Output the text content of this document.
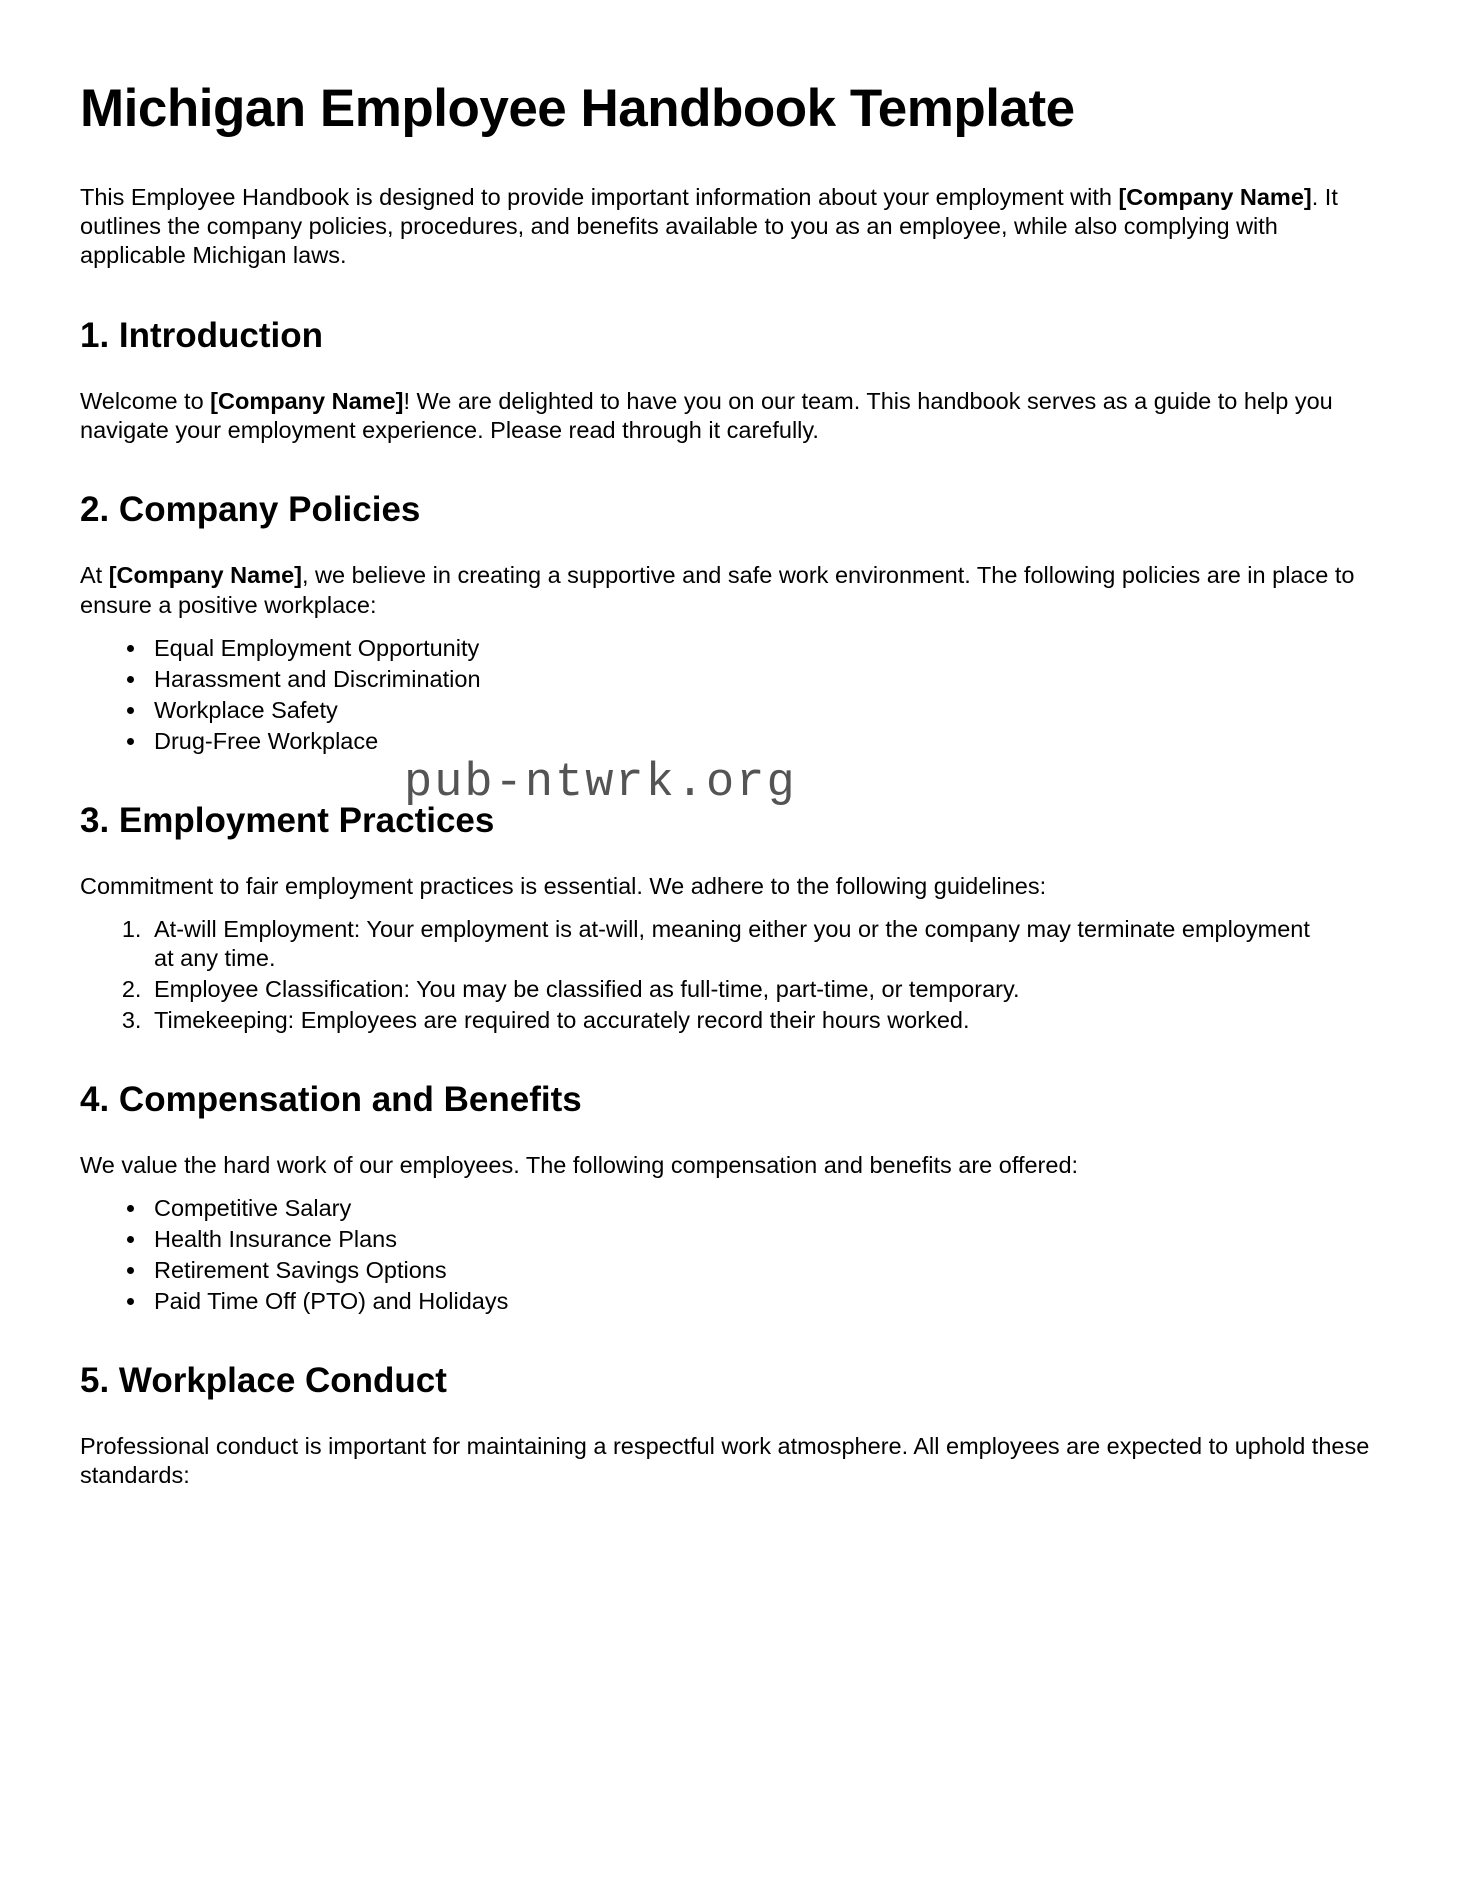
pub-ntwrk.org
Michigan Employee Handbook Template

This Employee Handbook is designed to provide important information about your employment with [Company Name]. It outlines the company policies, procedures, and benefits available to you as an employee, while also complying with applicable Michigan laws.

1. Introduction

Welcome to [Company Name]! We are delighted to have you on our team. This handbook serves as a guide to help you navigate your employment experience. Please read through it carefully.

2. Company Policies

At [Company Name], we believe in creating a supportive and safe work environment. The following policies are in place to ensure a positive workplace:

• Equal Employment Opportunity
• Harassment and Discrimination
• Workplace Safety
• Drug-Free Workplace
3. Employment Practices

Commitment to fair employment practices is essential. We adhere to the following guidelines:

1. At-will Employment: Your employment is at-will, meaning either you or the company may terminate employment at any time.
2. Employee Classification: You may be classified as full-time, part-time, or temporary.
3. Timekeeping: Employees are required to accurately record their hours worked.
4. Compensation and Benefits

We value the hard work of our employees. The following compensation and benefits are offered:

• Competitive Salary
• Health Insurance Plans
• Retirement Savings Options
• Paid Time Off (PTO) and Holidays
5. Workplace Conduct

Professional conduct is important for maintaining a respectful work atmosphere. All employees are expected to uphold these standards:
